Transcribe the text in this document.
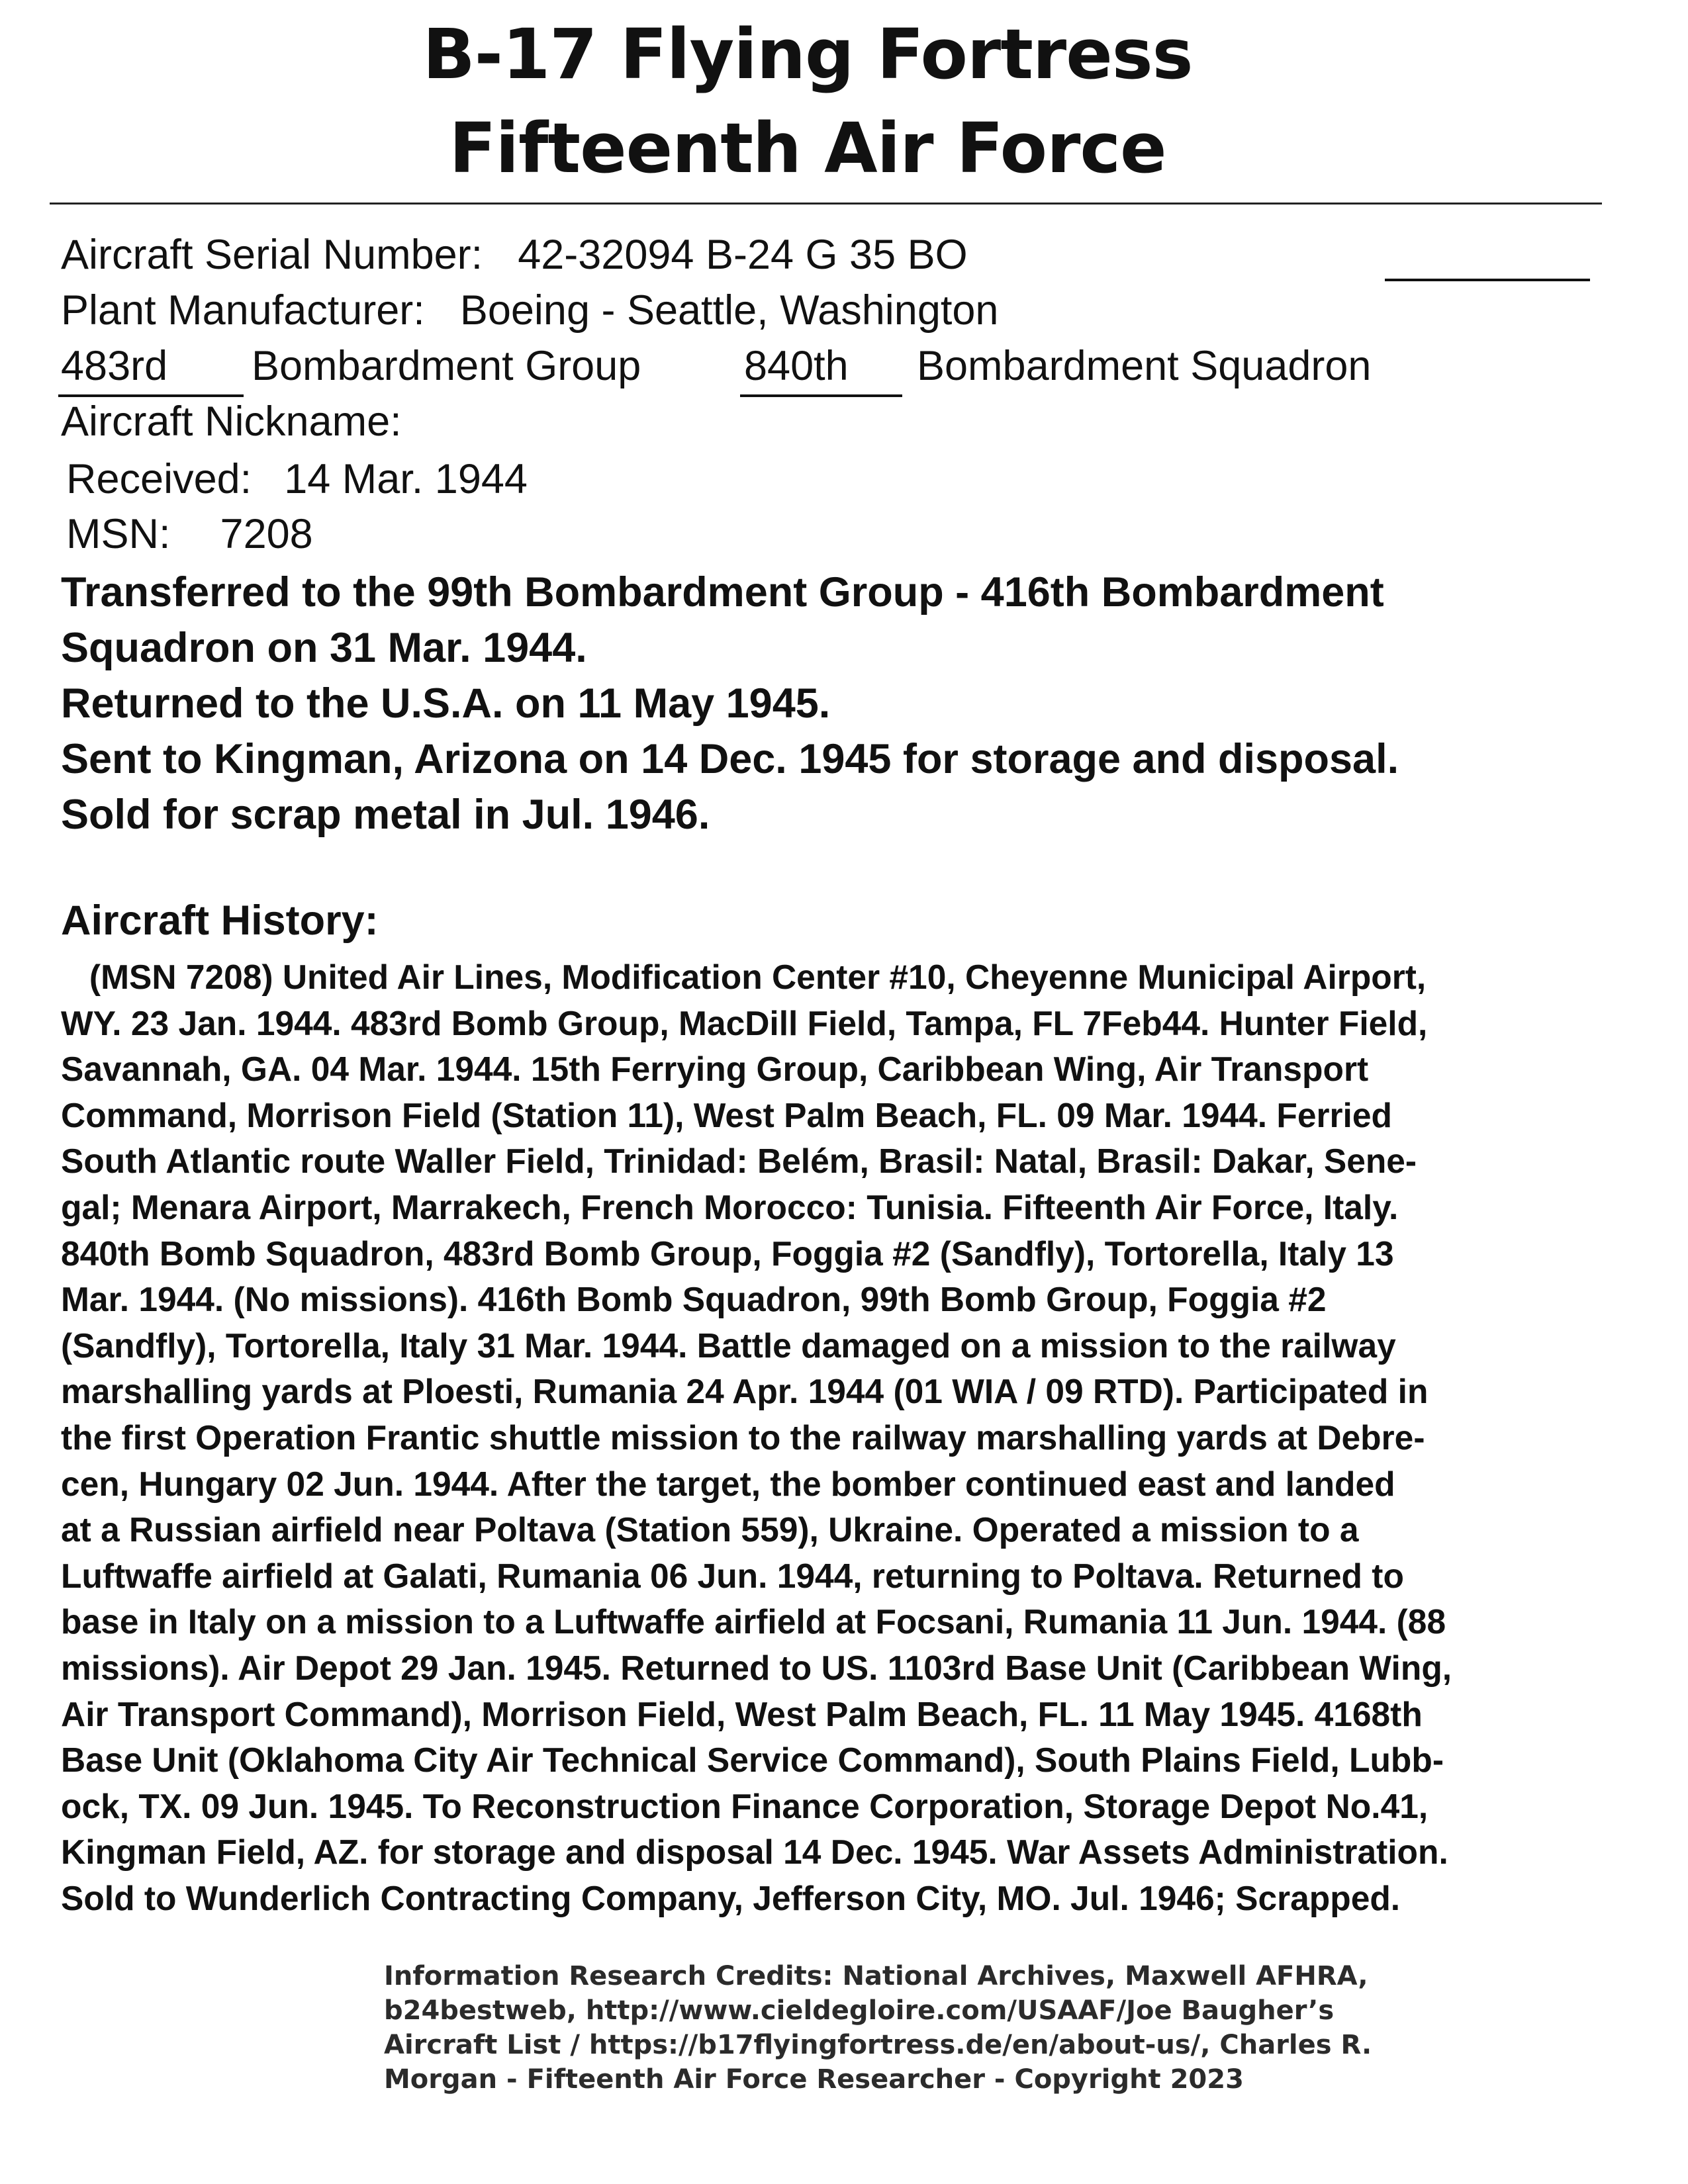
B-17 Flying Fortress
Fifteenth Air Force
Aircraft Serial Number: 42-32094 B-24 G 35 BO
Plant Manufacturer: Boeing - Seattle, Washington
483rd Bombardment Group 840th Bombardment Squadron
Aircraft Nickname:
Received: 14 Mar. 1944
MSN: 7208
Transferred to the 99th Bombardment Group - 416th Bombardment
Squadron on 31 Mar. 1944.
Returned to the U.S.A. on 11 May 1945.
Sent to Kingman, Arizona on 14 Dec. 1945 for storage and disposal.
Sold for scrap metal in Jul. 1946.
Aircraft History:
(MSN 7208) United Air Lines, Modification Center #10, Cheyenne Municipal Airport,
WY. 23 Jan. 1944. 483rd Bomb Group, MacDill Field, Tampa, FL 7Feb44. Hunter Field,
Savannah, GA. 04 Mar. 1944. 15th Ferrying Group, Caribbean Wing, Air Transport
Command, Morrison Field (Station 11), West Palm Beach, FL. 09 Mar. 1944. Ferried
South Atlantic route Waller Field, Trinidad: Belém, Brasil: Natal, Brasil: Dakar, Sene-
gal; Menara Airport, Marrakech, French Morocco: Tunisia. Fifteenth Air Force, Italy.
840th Bomb Squadron, 483rd Bomb Group, Foggia #2 (Sandfly), Tortorella, Italy 13
Mar. 1944. (No missions). 416th Bomb Squadron, 99th Bomb Group, Foggia #2
(Sandfly), Tortorella, Italy 31 Mar. 1944. Battle damaged on a mission to the railway
marshalling yards at Ploesti, Rumania 24 Apr. 1944 (01 WIA / 09 RTD). Participated in
the first Operation Frantic shuttle mission to the railway marshalling yards at Debre-
cen, Hungary 02 Jun. 1944. After the target, the bomber continued east and landed
at a Russian airfield near Poltava (Station 559), Ukraine. Operated a mission to a
Luftwaffe airfield at Galati, Rumania 06 Jun. 1944, returning to Poltava. Returned to
base in Italy on a mission to a Luftwaffe airfield at Focsani, Rumania 11 Jun. 1944. (88
missions). Air Depot 29 Jan. 1945. Returned to US. 1103rd Base Unit (Caribbean Wing,
Air Transport Command), Morrison Field, West Palm Beach, FL. 11 May 1945. 4168th
Base Unit (Oklahoma City Air Technical Service Command), South Plains Field, Lubb-
ock, TX. 09 Jun. 1945. To Reconstruction Finance Corporation, Storage Depot No.41,
Kingman Field, AZ. for storage and disposal 14 Dec. 1945. War Assets Administration.
Sold to Wunderlich Contracting Company, Jefferson City, MO. Jul. 1946; Scrapped.
Information Research Credits: National Archives, Maxwell AFHRA,
b24bestweb, http://www.cieldegloire.com/USAAF/Joe Baugher’s
Aircraft List / https://b17flyingfortress.de/en/about-us/, Charles R.
Morgan - Fifteenth Air Force Researcher - Copyright 2023
